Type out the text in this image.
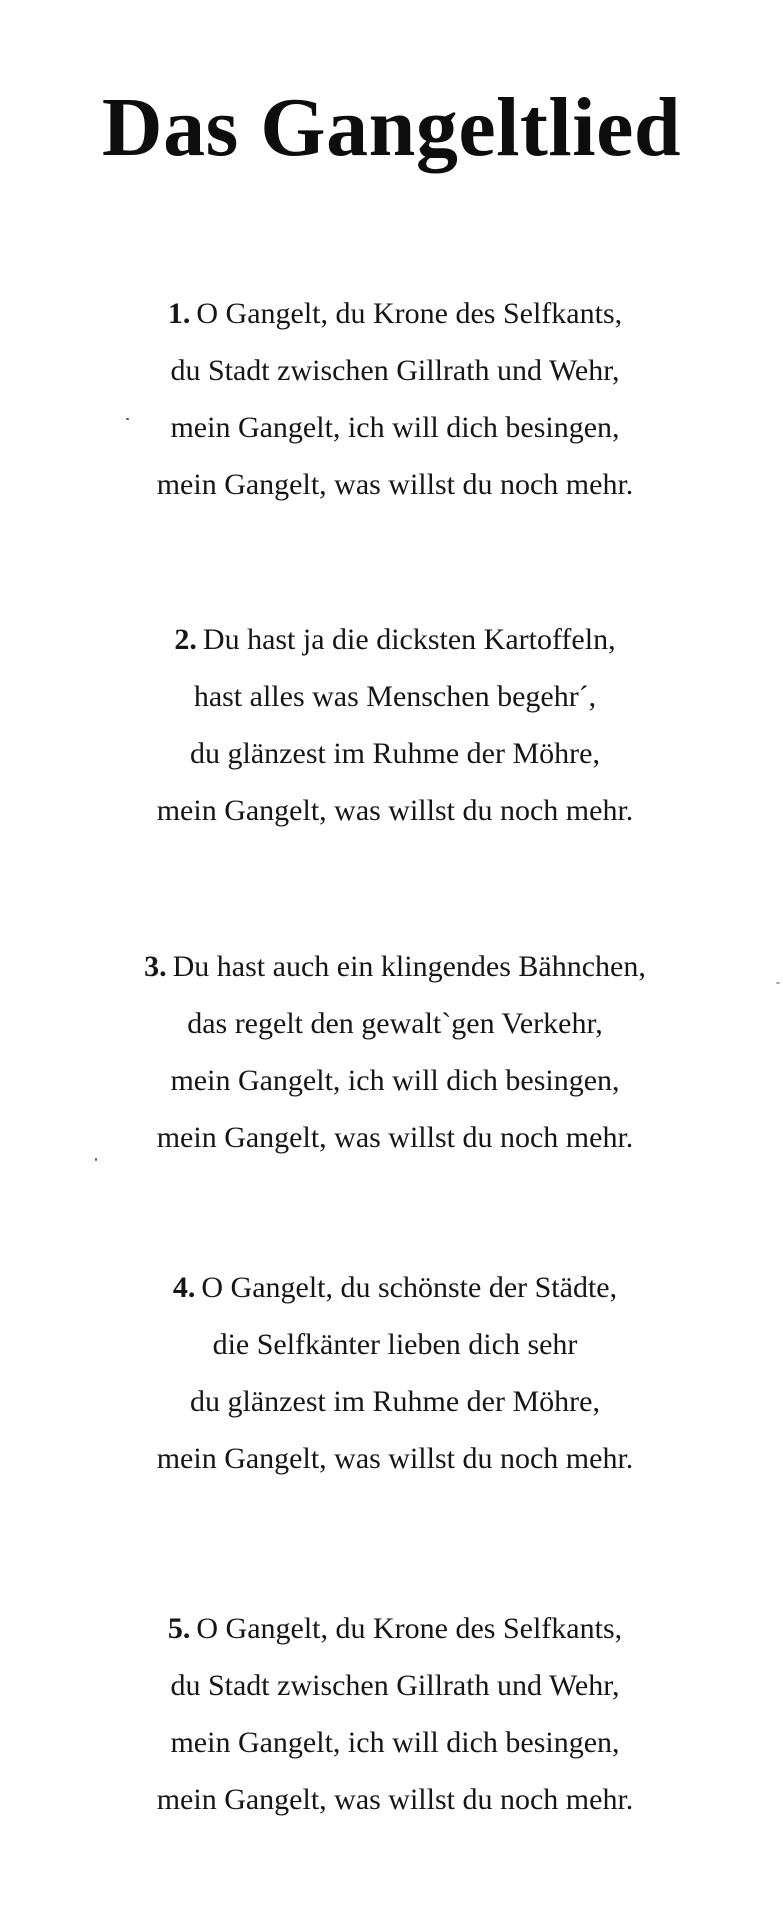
Das Gangeltlied
1. O Gangelt, du Krone des Selfkants,
du Stadt zwischen Gillrath und Wehr,
mein Gangelt, ich will dich besingen,
mein Gangelt, was willst du noch mehr.
2. Du hast ja die dicksten Kartoffeln,
hast alles was Menschen begehr´,
du glänzest im Ruhme der Möhre,
mein Gangelt, was willst du noch mehr.
3. Du hast auch ein klingendes Bähnchen,
das regelt den gewalt`gen Verkehr,
mein Gangelt, ich will dich besingen,
mein Gangelt, was willst du noch mehr.
4. O Gangelt, du schönste der Städte,
die Selfkänter lieben dich sehr
du glänzest im Ruhme der Möhre,
mein Gangelt, was willst du noch mehr.
5. O Gangelt, du Krone des Selfkants,
du Stadt zwischen Gillrath und Wehr,
mein Gangelt, ich will dich besingen,
mein Gangelt, was willst du noch mehr.
